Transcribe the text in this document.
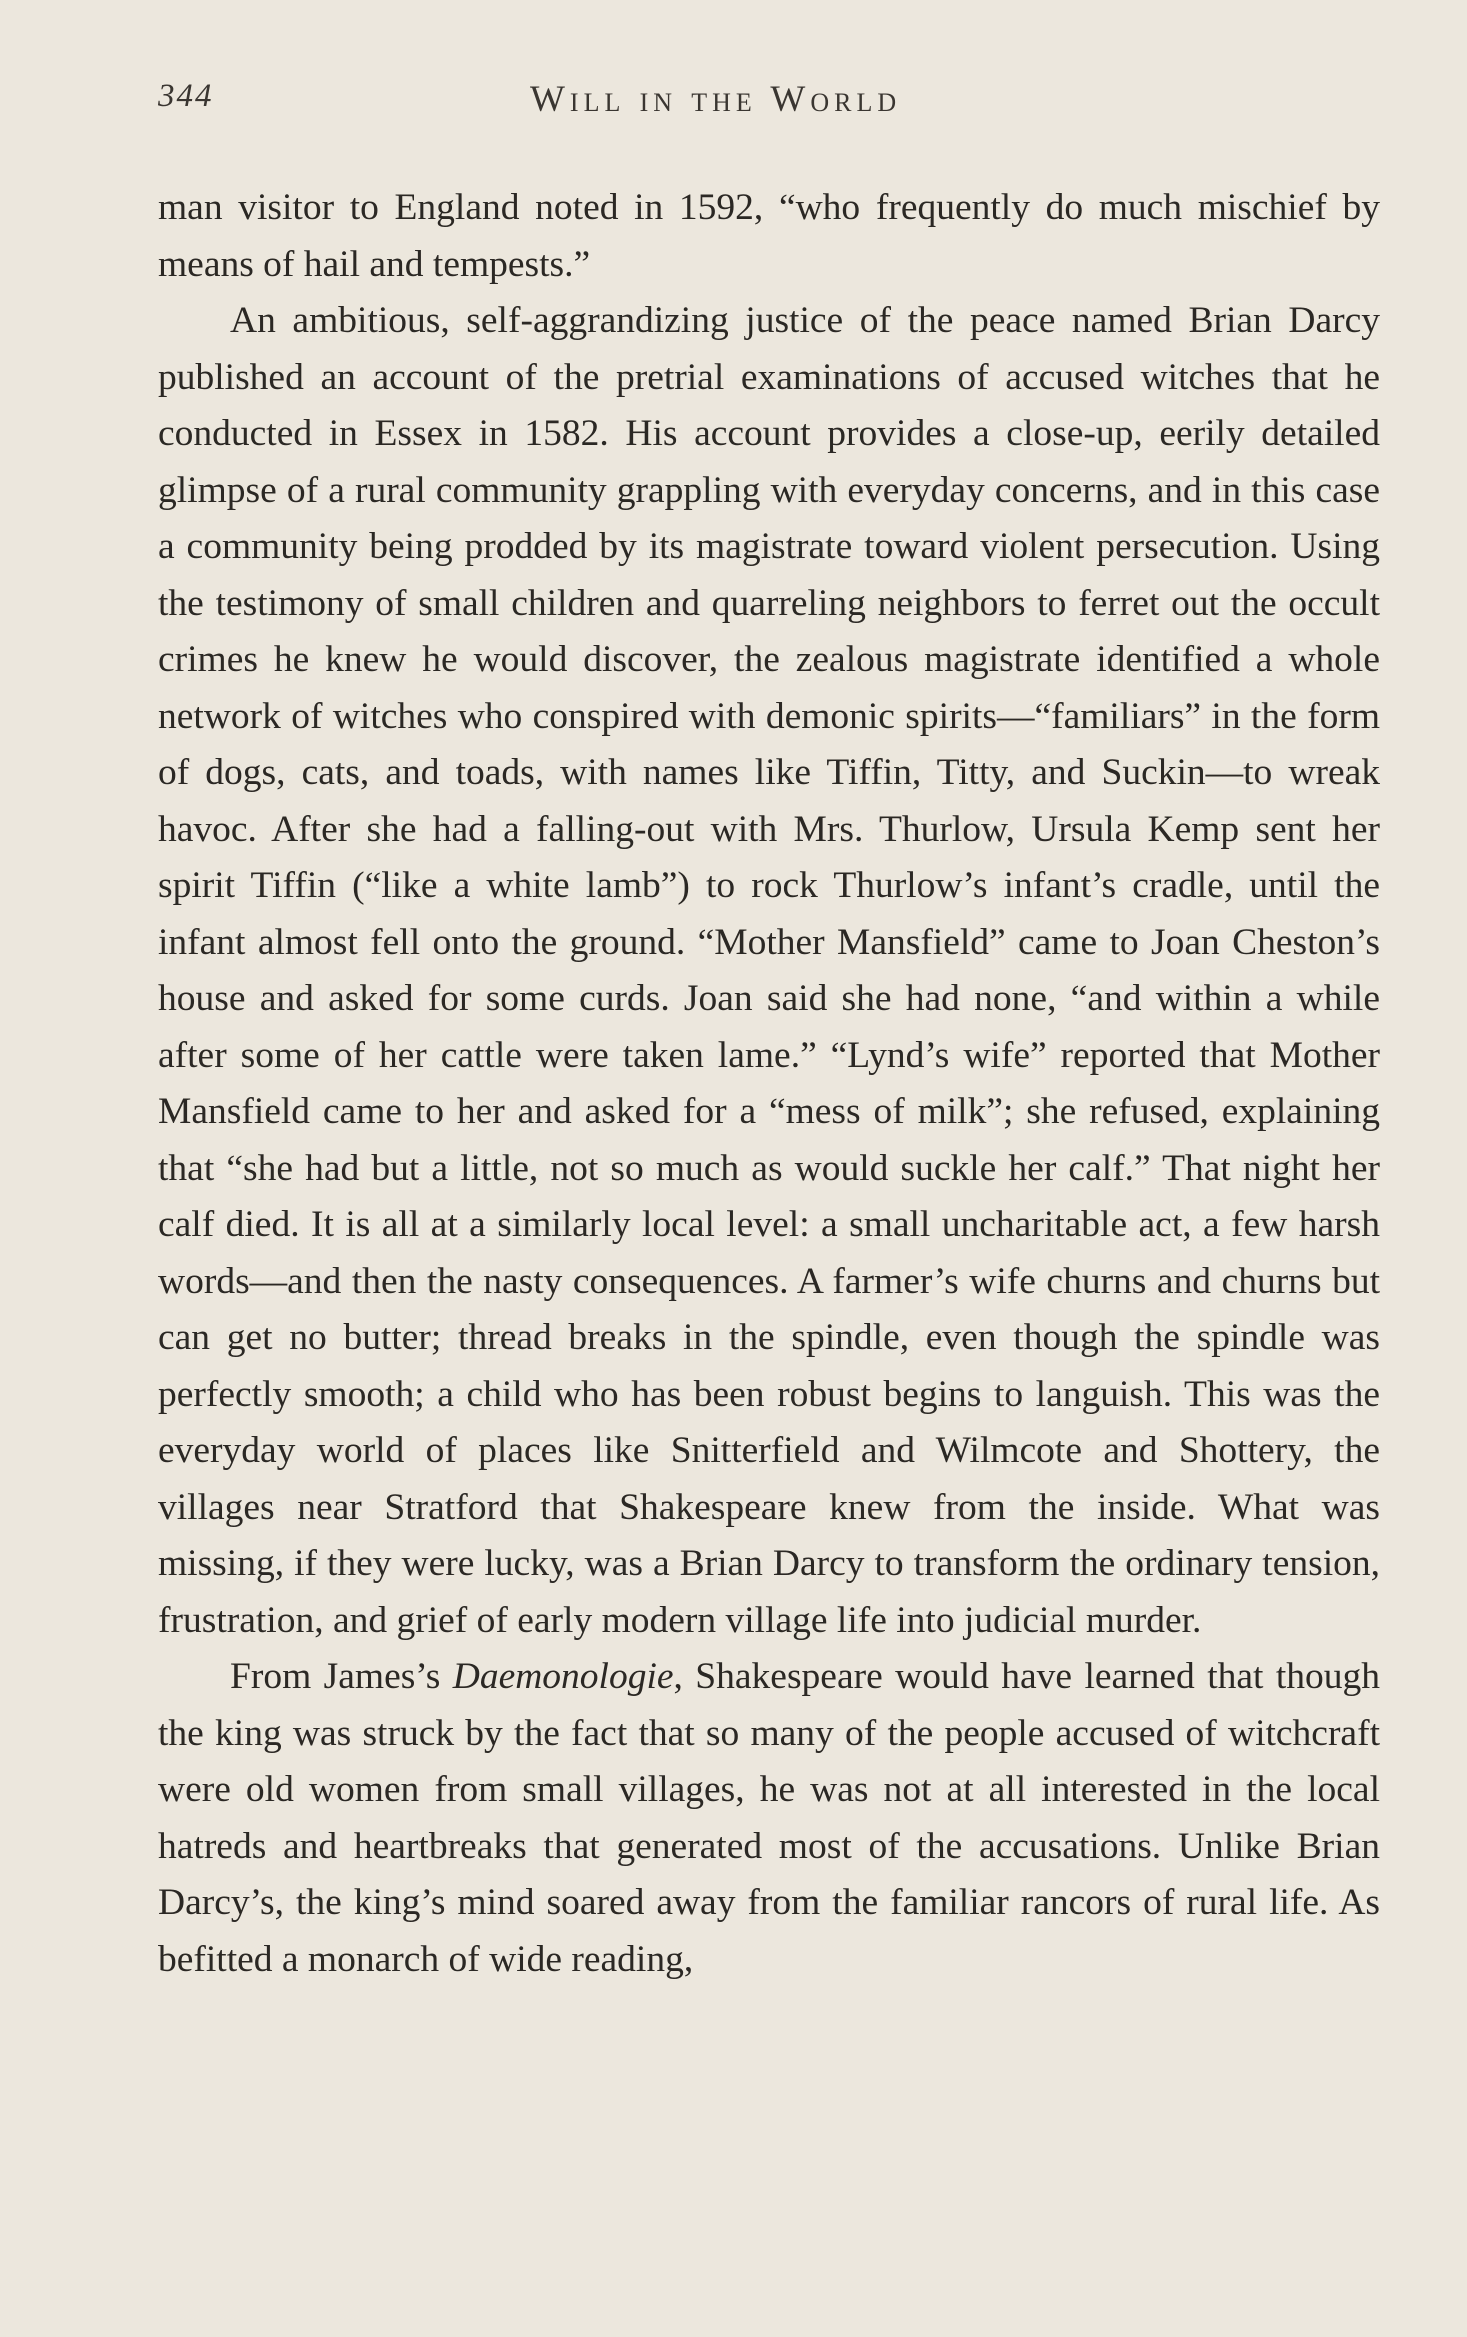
344	Will in the World

man visitor to England noted in 1592, “who frequently do much mischief by means of hail and tempests.”

An ambitious, self-aggrandizing justice of the peace named Brian Darcy published an account of the pretrial examinations of accused witches that he conducted in Essex in 1582. His account provides a close-up, eerily detailed glimpse of a rural community grappling with everyday concerns, and in this case a community being prodded by its magistrate toward violent persecution. Using the testimony of small children and quarreling neighbors to ferret out the occult crimes he knew he would discover, the zealous magistrate identified a whole network of witches who conspired with demonic spirits—“familiars” in the form of dogs, cats, and toads, with names like Tiffin, Titty, and Suckin—to wreak havoc. After she had a falling-out with Mrs. Thurlow, Ursula Kemp sent her spirit Tiffin (“like a white lamb”) to rock Thurlow’s infant’s cradle, until the infant almost fell onto the ground. “Mother Mansfield” came to Joan Cheston’s house and asked for some curds. Joan said she had none, “and within a while after some of her cattle were taken lame.” “Lynd’s wife” reported that Mother Mansfield came to her and asked for a “mess of milk”; she refused, explaining that “she had but a little, not so much as would suckle her calf.” That night her calf died. It is all at a similarly local level: a small uncharitable act, a few harsh words—and then the nasty consequences. A farmer’s wife churns and churns but can get no butter; thread breaks in the spindle, even though the spindle was perfectly smooth; a child who has been robust begins to languish. This was the everyday world of places like Snitterfield and Wilmcote and Shottery, the villages near Stratford that Shakespeare knew from the inside. What was missing, if they were lucky, was a Brian Darcy to transform the ordinary tension, frustration, and grief of early modern village life into judicial murder.

From James’s Daemonologie, Shakespeare would have learned that though the king was struck by the fact that so many of the people accused of witchcraft were old women from small villages, he was not at all interested in the local hatreds and heartbreaks that generated most of the accusations. Unlike Brian Darcy’s, the king’s mind soared away from the familiar rancors of rural life. As befitted a monarch of wide reading,
